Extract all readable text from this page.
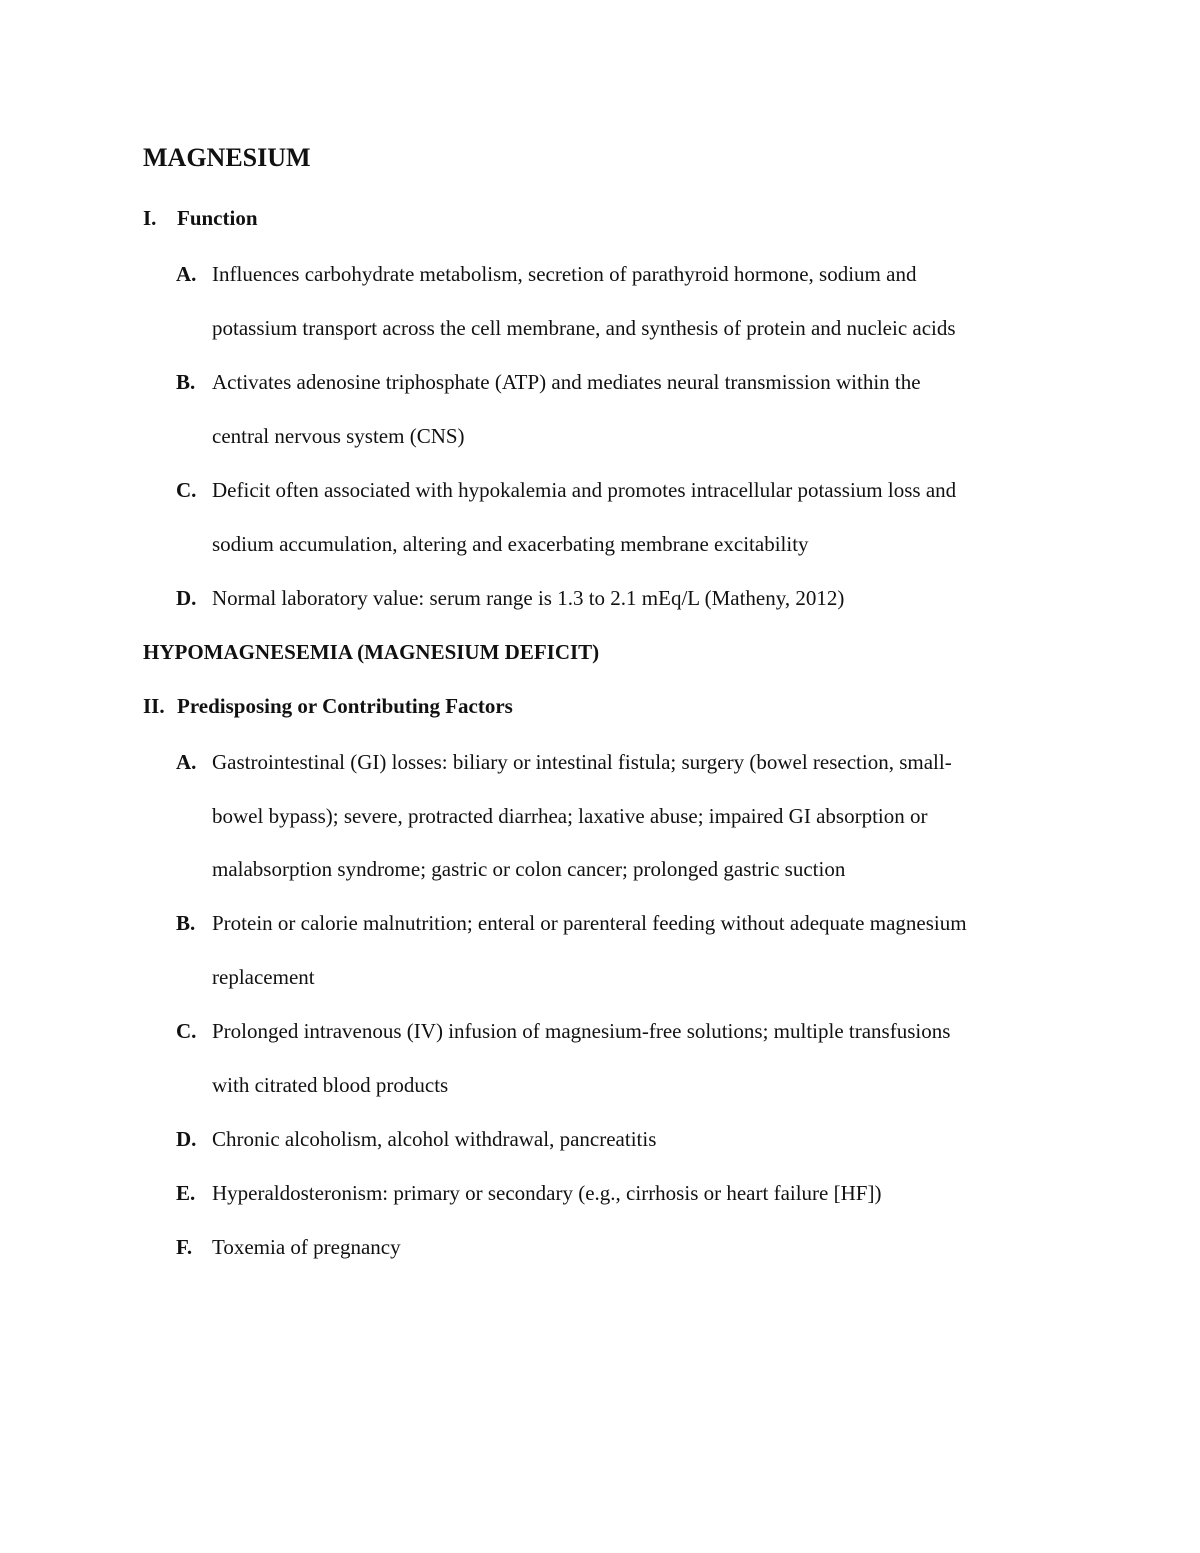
MAGNESIUM
I. Function
A. Influences carbohydrate metabolism, secretion of parathyroid hormone, sodium and
potassium transport across the cell membrane, and synthesis of protein and nucleic acids
B. Activates adenosine triphosphate (ATP) and mediates neural transmission within the
central nervous system (CNS)
C. Deficit often associated with hypokalemia and promotes intracellular potassium loss and
sodium accumulation, altering and exacerbating membrane excitability
D. Normal laboratory value: serum range is 1.3 to 2.1 mEq/L (Matheny, 2012)
HYPOMAGNESEMIA (MAGNESIUM DEFICIT)
II. Predisposing or Contributing Factors
A. Gastrointestinal (GI) losses: biliary or intestinal fistula; surgery (bowel resection, small-
bowel bypass); severe, protracted diarrhea; laxative abuse; impaired GI absorption or
malabsorption syndrome; gastric or colon cancer; prolonged gastric suction
B. Protein or calorie malnutrition; enteral or parenteral feeding without adequate magnesium
replacement
C. Prolonged intravenous (IV) infusion of magnesium-free solutions; multiple transfusions
with citrated blood products
D. Chronic alcoholism, alcohol withdrawal, pancreatitis
E. Hyperaldosteronism: primary or secondary (e.g., cirrhosis or heart failure [HF])
F. Toxemia of pregnancy
